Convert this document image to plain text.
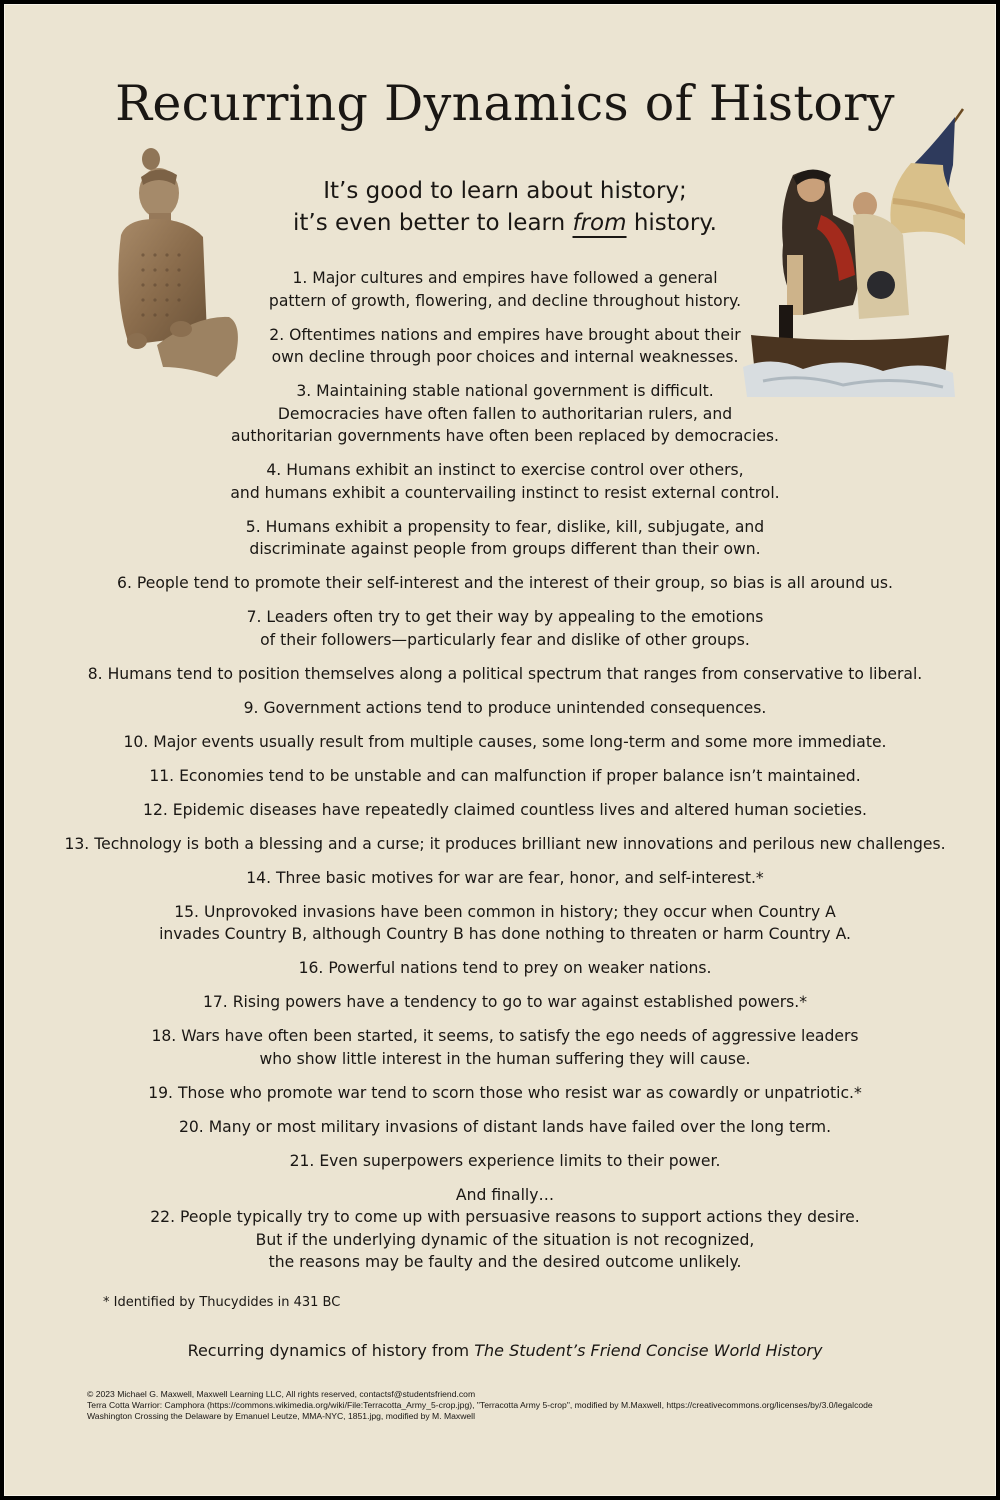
Recurring Dynamics of History
It’s good to learn about history;
it’s even better to learn from history.
1. Major cultures and empires have followed a general
pattern of growth, flowering, and decline throughout history.
2. Oftentimes nations and empires have brought about their
own decline through poor choices and internal weaknesses.
3. Maintaining stable national government is difficult.
Democracies have often fallen to authoritarian rulers, and
authoritarian governments have often been replaced by democracies.
4. Humans exhibit an instinct to exercise control over others,
and humans exhibit a countervailing instinct to resist external control.
5. Humans exhibit a propensity to fear, dislike, kill, subjugate, and
discriminate against people from groups different than their own.
6. People tend to promote their self-interest and the interest of their group, so bias is all around us.
7. Leaders often try to get their way by appealing to the emotions
of their followers—particularly fear and dislike of other groups.
8. Humans tend to position themselves along a political spectrum that ranges from conservative to liberal.
9. Government actions tend to produce unintended consequences.
10. Major events usually result from multiple causes, some long-term and some more immediate.
11. Economies tend to be unstable and can malfunction if proper balance isn’t maintained.
12. Epidemic diseases have repeatedly claimed countless lives and altered human societies.
13. Technology is both a blessing and a curse; it produces brilliant new innovations and perilous new challenges.
14. Three basic motives for war are fear, honor, and self-interest.*
15. Unprovoked invasions have been common in history; they occur when Country A
invades Country B, although Country B has done nothing to threaten or harm Country A.
16. Powerful nations tend to prey on weaker nations.
17. Rising powers have a tendency to go to war against established powers.*
18. Wars have often been started, it seems, to satisfy the ego needs of aggressive leaders
who show little interest in the human suffering they will cause.
19. Those who promote war tend to scorn those who resist war as cowardly or unpatriotic.*
20. Many or most military invasions of distant lands have failed over the long term.
21. Even superpowers experience limits to their power.
And finally…
22. People typically try to come up with persuasive reasons to support actions they desire.
But if the underlying dynamic of the situation is not recognized,
the reasons may be faulty and the desired outcome unlikely.
* Identified by Thucydides in 431 BC
Recurring dynamics of history from The Student’s Friend Concise World History
© 2023 Michael G. Maxwell, Maxwell Learning LLC, All rights reserved, contactsf@studentsfriend.com
Terra Cotta Warrior: Camphora (https://commons.wikimedia.org/wiki/File:Terracotta_Army_5-crop.jpg), "Terracotta Army 5-crop", modified by M.Maxwell, https://creativecommons.org/licenses/by/3.0/legalcode
Washington Crossing the Delaware by Emanuel Leutze, MMA-NYC, 1851.jpg, modified by M. Maxwell
